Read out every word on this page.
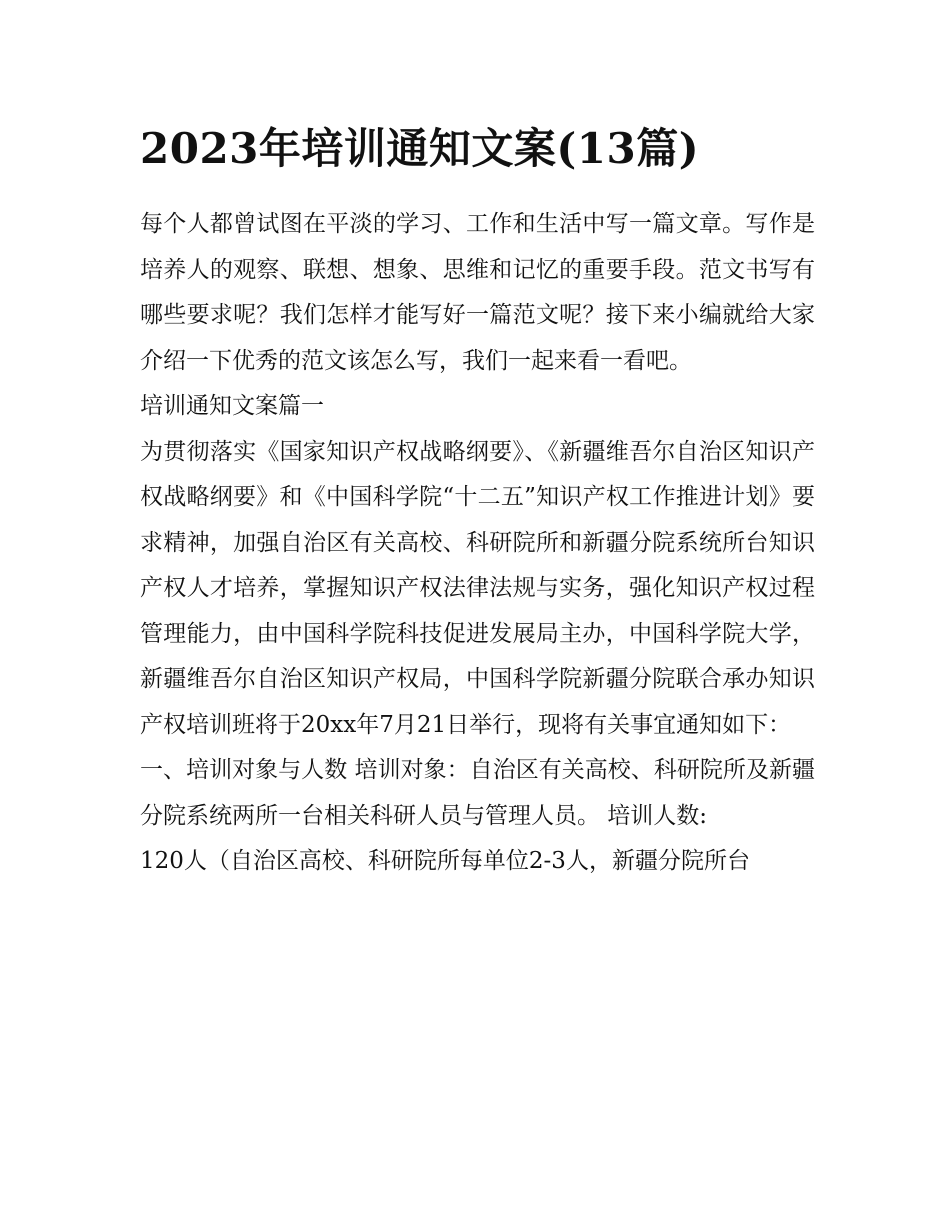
2023年培训通知文案(13篇)

每个人都曾试图在平淡的学习、工作和生活中写一篇文章。写作是培养人的观察、联想、想象、思维和记忆的重要手段。范文书写有哪些要求呢？我们怎样才能写好一篇范文呢？接下来小编就给大家介绍一下优秀的范文该怎么写，我们一起来看一看吧。

培训通知文案篇一

为贯彻落实《国家知识产权战略纲要》、《新疆维吾尔自治区知识产权战略纲要》和《中国科学院“十二五”知识产权工作推进计划》要求精神，加强自治区有关高校、科研院所和新疆分院系统所台知识产权人才培养，掌握知识产权法律法规与实务，强化知识产权过程管理能力，由中国科学院科技促进发展局主办，中国科学院大学，新疆维吾尔自治区知识产权局，中国科学院新疆分院联合承办知识产权培训班将于20xx年7月21日举行，现将有关事宜通知如下：

一、培训对象与人数 培训对象：自治区有关高校、科研院所及新疆分院系统两所一台相关科研人员与管理人员。 培训人数:

120人（自治区高校、科研院所每单位2-3人，新疆分院所台
